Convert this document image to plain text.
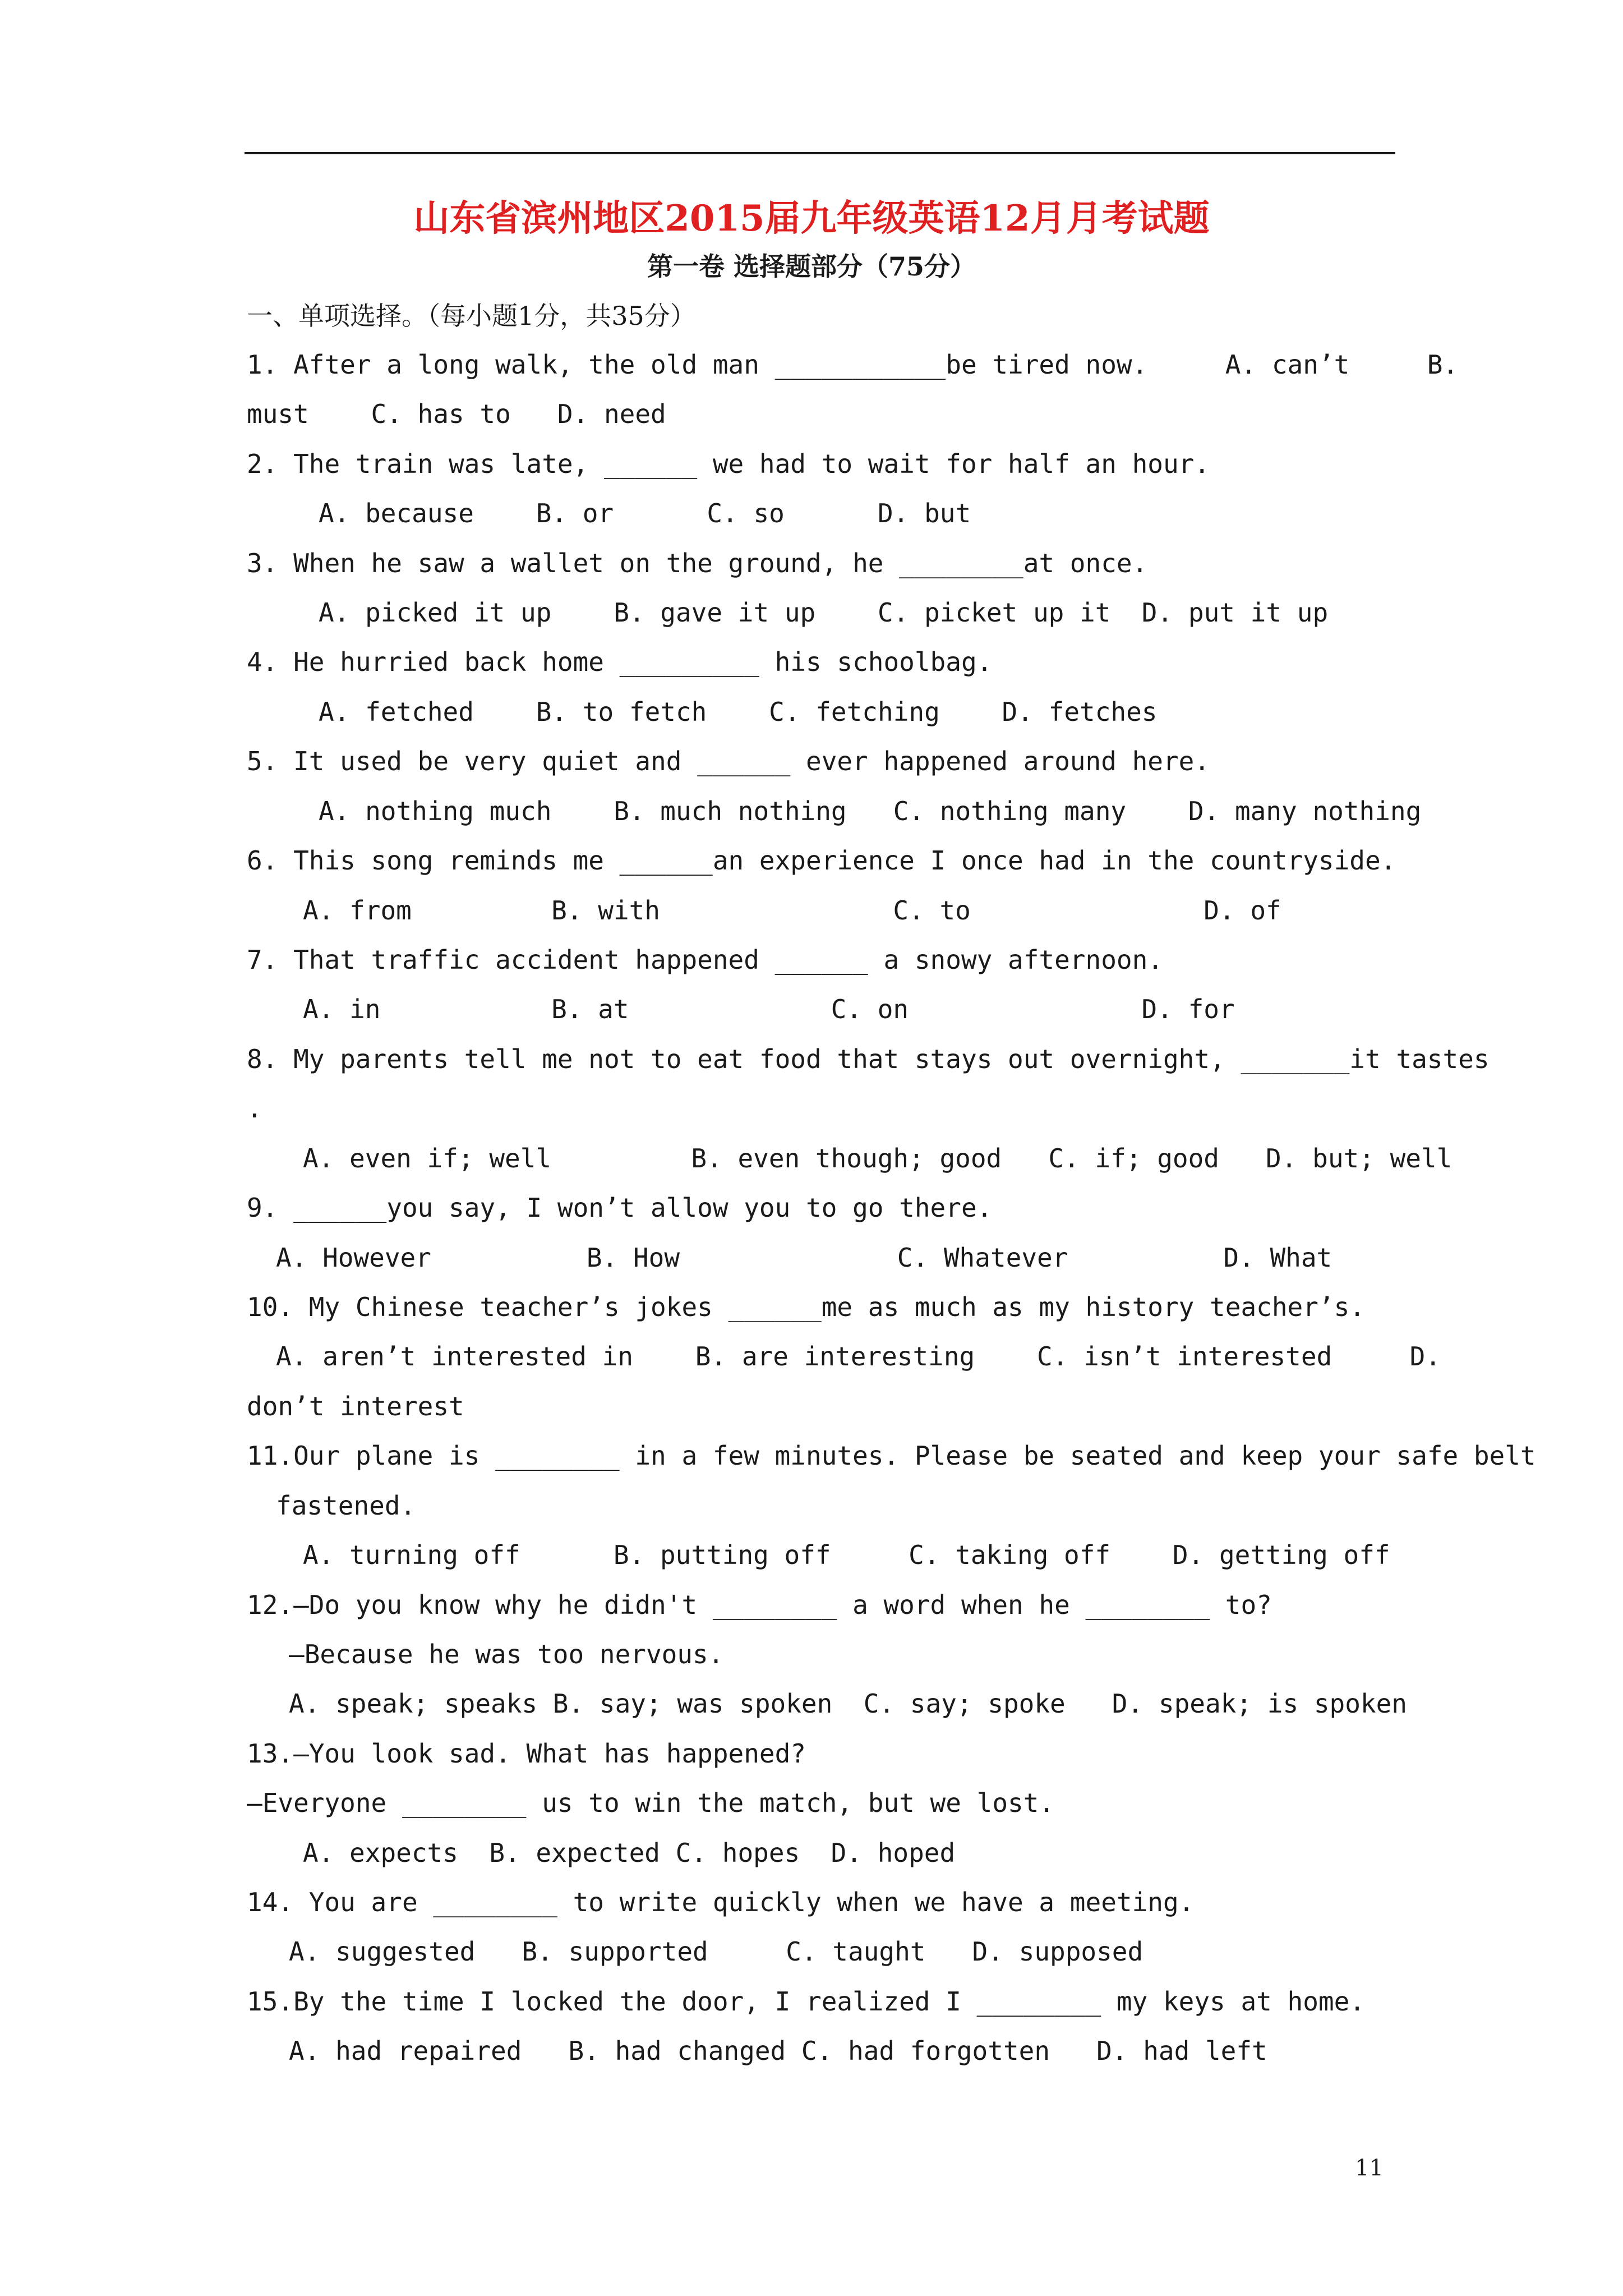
山东省滨州地区2015届九年级英语12月月考试题
第一卷 选择题部分（75分）
一、单项选择。（每小题1分，共35分）
1. After a long walk, the old man ___________be tired now.     A. can’t     B.
must    C. has to   D. need
2. The train was late, ______ we had to wait for half an hour.
A. because    B. or      C. so      D. but
3. When he saw a wallet on the ground, he ________at once.
A. picked it up    B. gave it up    C. picket up it  D. put it up
4. He hurried back home _________ his schoolbag.
A. fetched    B. to fetch    C. fetching    D. fetches
5. It used be very quiet and ______ ever happened around here.
A. nothing much    B. much nothing   C. nothing many    D. many nothing
6. This song reminds me ______an experience I once had in the countryside.
A. from         B. with               C. to               D. of
7. That traffic accident happened ______ a snowy afternoon.
A. in           B. at             C. on               D. for
8. My parents tell me not to eat food that stays out overnight, _______it tastes
.
A. even if; well         B. even though; good   C. if; good   D. but; well
9. ______you say, I won’t allow you to go there.
A. However          B. How              C. Whatever          D. What
10. My Chinese teacher’s jokes ______me as much as my history teacher’s.
A. aren’t interested in    B. are interesting    C. isn’t interested     D.
don’t interest
11.Our plane is ________ in a few minutes. Please be seated and keep your safe belt
fastened.
A. turning off      B. putting off     C. taking off    D. getting off
12.—Do you know why he didn't ________ a word when he ________ to?
—Because he was too nervous.
A. speak; speaks B. say; was spoken  C. say; spoke   D. speak; is spoken
13.—You look sad. What has happened?
—Everyone ________ us to win the match, but we lost.
A. expects  B. expected C. hopes  D. hoped
14. You are ________ to write quickly when we have a meeting.
A. suggested   B. supported     C. taught   D. supposed
15.By the time I locked the door, I realized I ________ my keys at home.
A. had repaired   B. had changed C. had forgotten   D. had left
11
